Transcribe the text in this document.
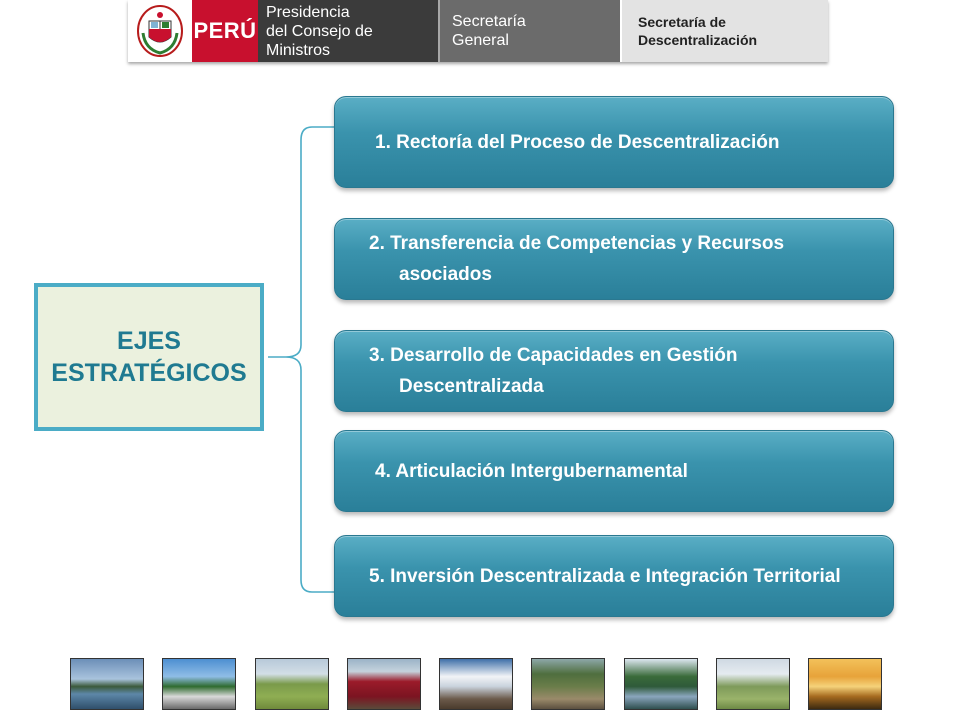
PERÚ
Presidencia
del Consejo de Ministros
Secretaría
General
Secretaría de
Descentralización
EJES
ESTRATÉGICOS
1. Rectoría del Proceso de Descentralización
2. Transferencia de Competencias y Recursos asociados
3. Desarrollo de Capacidades en Gestión Descentralizada
4. Articulación Intergubernamental
5. Inversión Descentralizada e Integración Territorial
